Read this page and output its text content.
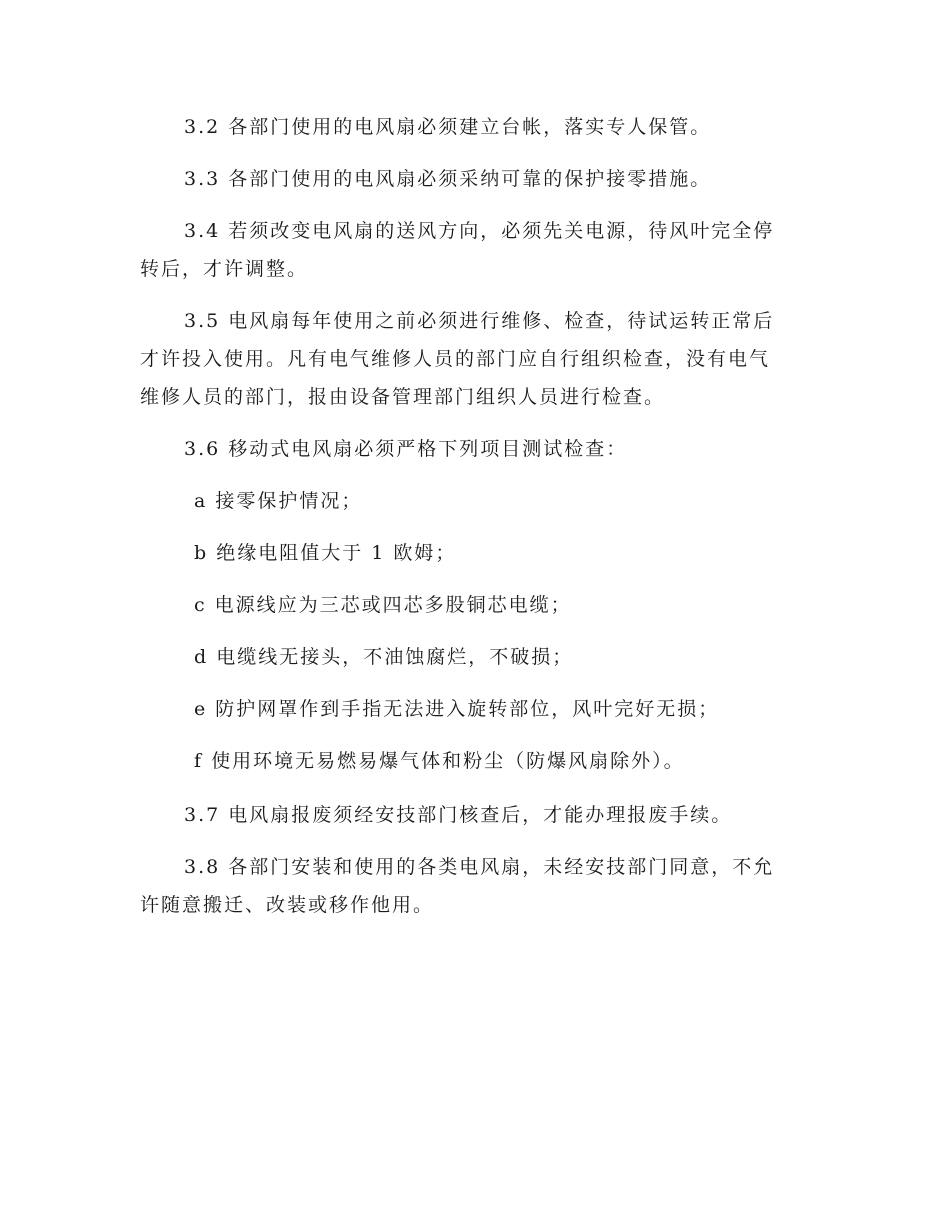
3.2 各部门使用的电风扇必须建立台帐，落实专人保管。

3.3 各部门使用的电风扇必须采纳可靠的保护接零措施。

3.4 若须改变电风扇的送风方向，必须先关电源，待风叶完全停
转后，才许调整。

3.5 电风扇每年使用之前必须进行维修、检查，待试运转正常后
才许投入使用。凡有电气维修人员的部门应自行组织检查，没有电气
维修人员的部门，报由设备管理部门组织人员进行检查。

3.6 移动式电风扇必须严格下列项目测试检查：

a 接零保护情况；

b 绝缘电阻值大于 1 欧姆；

c 电源线应为三芯或四芯多股铜芯电缆；

d 电缆线无接头，不油蚀腐烂，不破损；

e 防护网罩作到手指无法进入旋转部位，风叶完好无损；

f 使用环境无易燃易爆气体和粉尘（防爆风扇除外）。

3.7 电风扇报废须经安技部门核查后，才能办理报废手续。

3.8 各部门安装和使用的各类电风扇，未经安技部门同意，不允
许随意搬迁、改装或移作他用。
